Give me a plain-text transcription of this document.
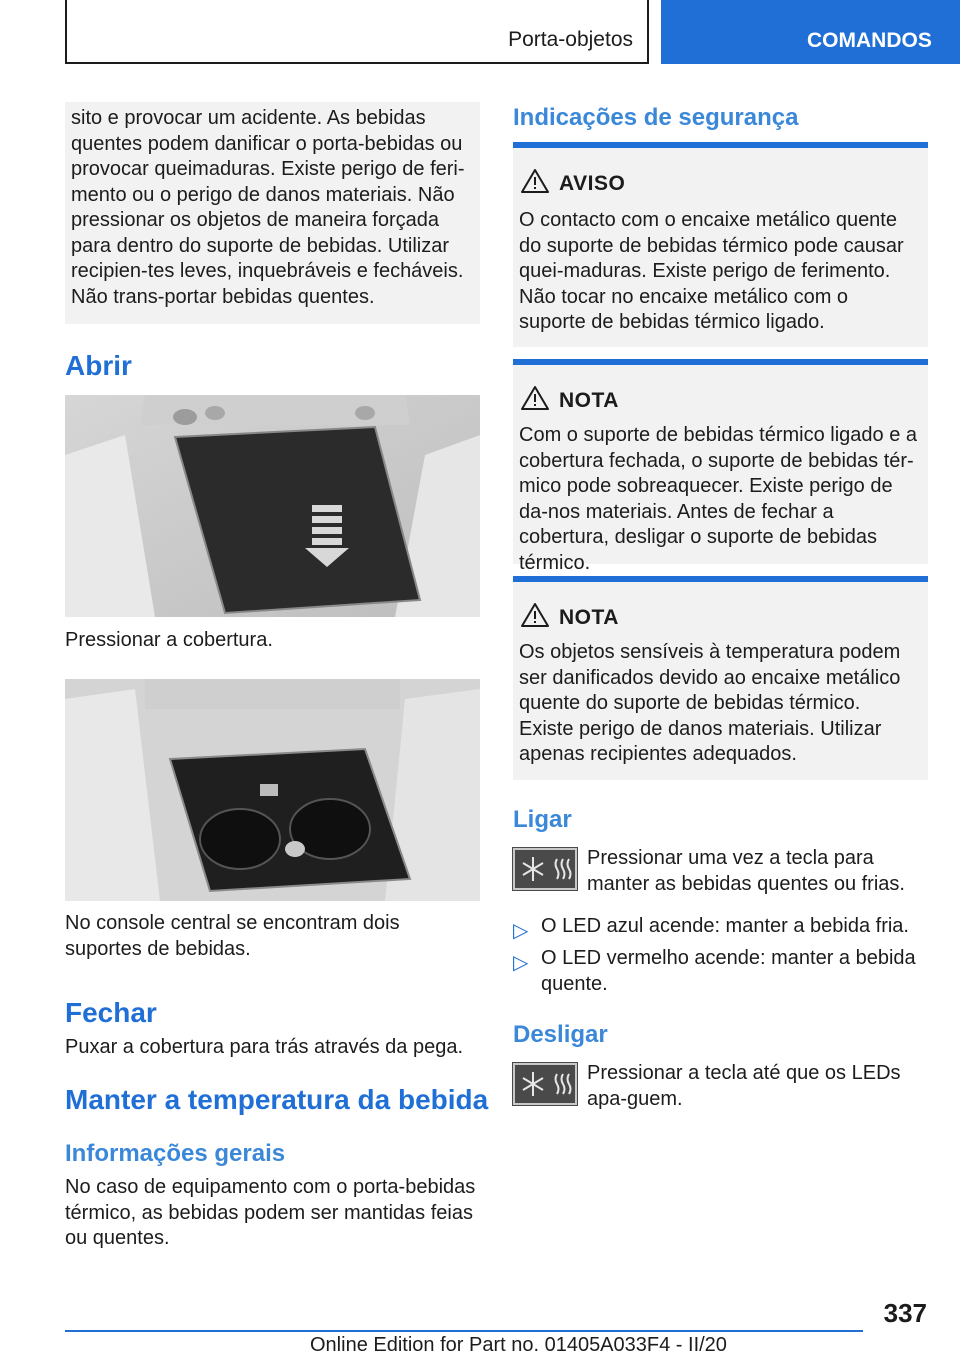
Porta-objetos	COMANDOS
sito e provocar um acidente. As bebidas quentes podem danificar o porta-bebidas ou provocar queimaduras. Existe perigo de feri-mento ou o perigo de danos materiais. Não pressionar os objetos de maneira forçada para dentro do suporte de bebidas. Utilizar recipien-tes leves, inquebráveis e fecháveis. Não trans-portar bebidas quentes.
Abrir
Pressionar a cobertura.
No console central se encontram dois suportes de bebidas.
Fechar
Puxar a cobertura para trás através da pega.
Manter a temperatura da bebida
Informações gerais
No caso de equipamento com o porta-bebidas térmico, as bebidas podem ser mantidas feias ou quentes.
Indicações de segurança
AVISO
O contacto com o encaixe metálico quente do suporte de bebidas térmico pode causar quei-maduras. Existe perigo de ferimento. Não tocar no encaixe metálico com o suporte de bebidas térmico ligado.
NOTA
Com o suporte de bebidas térmico ligado e a cobertura fechada, o suporte de bebidas tér-mico pode sobreaquecer. Existe perigo de da-nos materiais. Antes de fechar a cobertura, desligar o suporte de bebidas térmico.
NOTA
Os objetos sensíveis à temperatura podem ser danificados devido ao encaixe metálico quente do suporte de bebidas térmico. Existe perigo de danos materiais. Utilizar apenas recipientes adequados.
Ligar
Pressionar uma vez a tecla para manter as bebidas quentes ou frias.
▷ O LED azul acende: manter a bebida fria.
▷ O LED vermelho acende: manter a bebida quente.
Desligar
Pressionar a tecla até que os LEDs apa-guem.
337
Online Edition for Part no. 01405A033F4 - II/20
